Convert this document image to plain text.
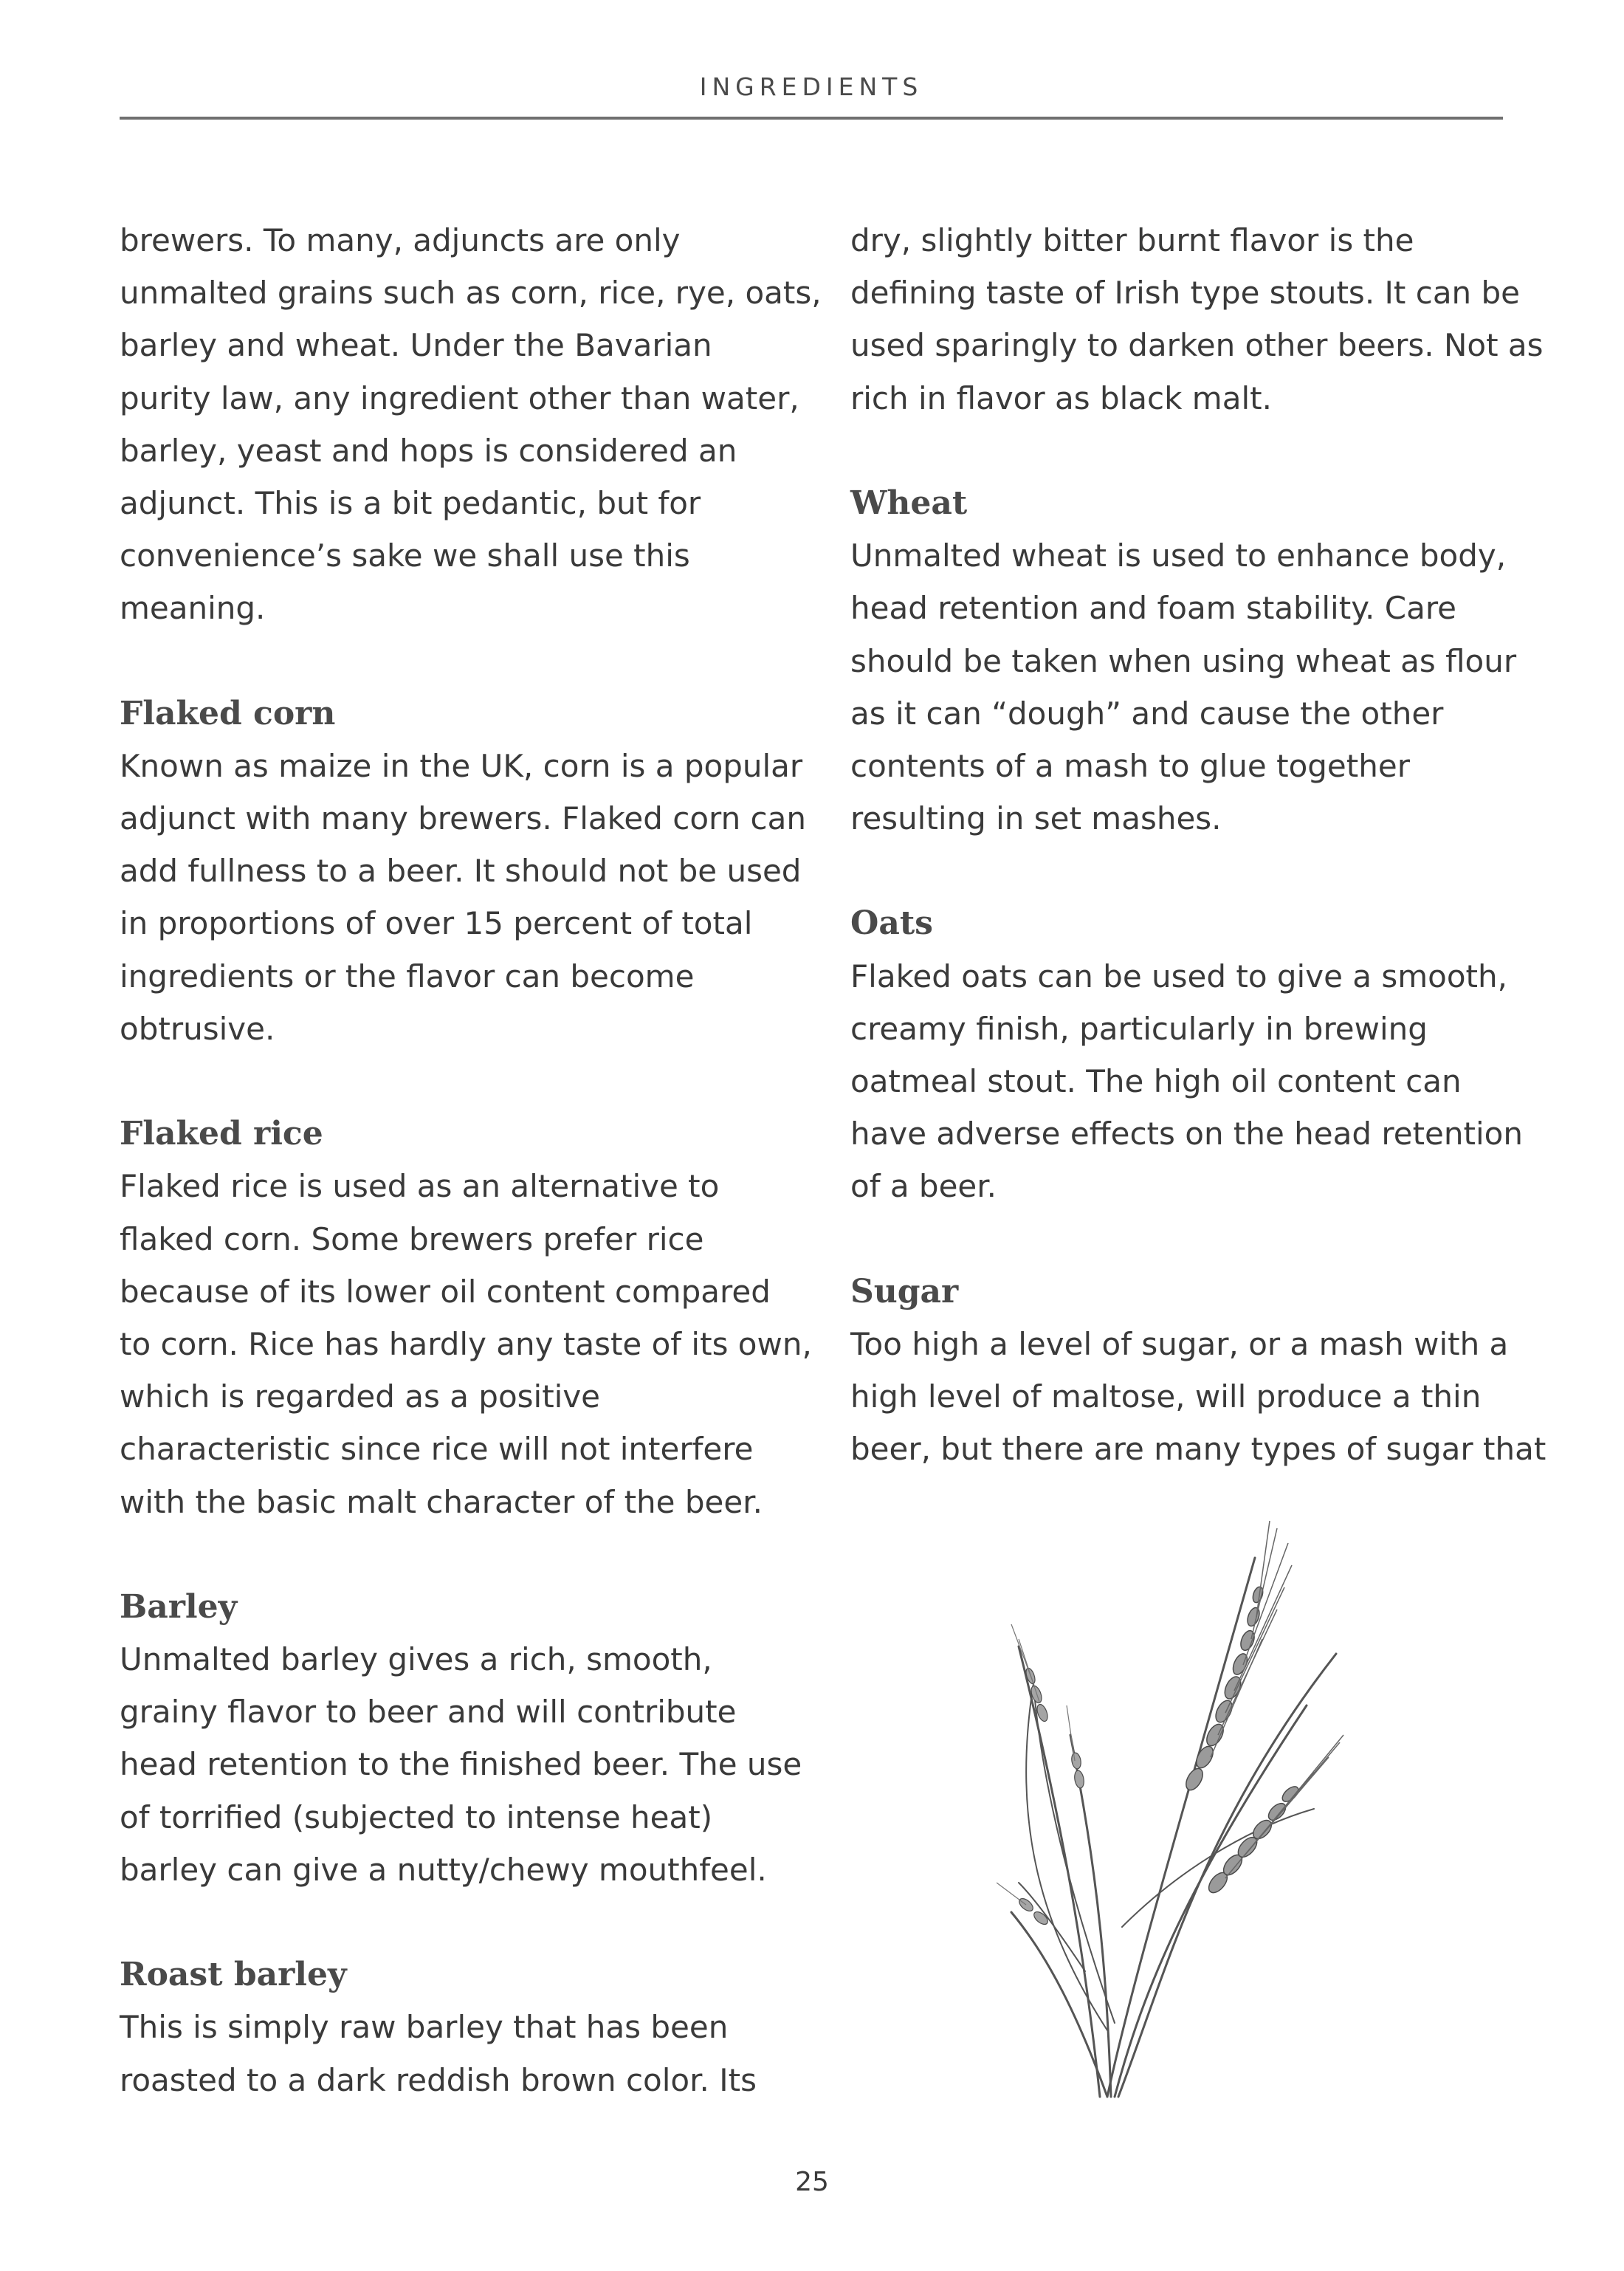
INGREDIENTS
brewers. To many, adjuncts are only
unmalted grains such as corn, rice, rye, oats,
barley and wheat. Under the Bavarian
purity law, any ingredient other than water,
barley, yeast and hops is considered an
adjunct. This is a bit pedantic, but for
convenience’s sake we shall use this
meaning.
Flaked corn
Known as maize in the UK, corn is a popular
adjunct with many brewers. Flaked corn can
add fullness to a beer. It should not be used
in proportions of over 15 percent of total
ingredients or the flavor can become
obtrusive.
Flaked rice
Flaked rice is used as an alternative to
flaked corn. Some brewers prefer rice
because of its lower oil content compared
to corn. Rice has hardly any taste of its own,
which is regarded as a positive
characteristic since rice will not interfere
with the basic malt character of the beer.
Barley
Unmalted barley gives a rich, smooth,
grainy flavor to beer and will contribute
head retention to the finished beer. The use
of torrified (subjected to intense heat)
barley can give a nutty/chewy mouthfeel.
Roast barley
This is simply raw barley that has been
roasted to a dark reddish brown color. Its
dry, slightly bitter burnt flavor is the
defining taste of Irish type stouts. It can be
used sparingly to darken other beers. Not as
rich in flavor as black malt.
Wheat
Unmalted wheat is used to enhance body,
head retention and foam stability. Care
should be taken when using wheat as flour
as it can “dough” and cause the other
contents of a mash to glue together
resulting in set mashes.
Oats
Flaked oats can be used to give a smooth,
creamy finish, particularly in brewing
oatmeal stout. The high oil content can
have adverse effects on the head retention
of a beer.
Sugar
Too high a level of sugar, or a mash with a
high level of maltose, will produce a thin
beer, but there are many types of sugar that
25
